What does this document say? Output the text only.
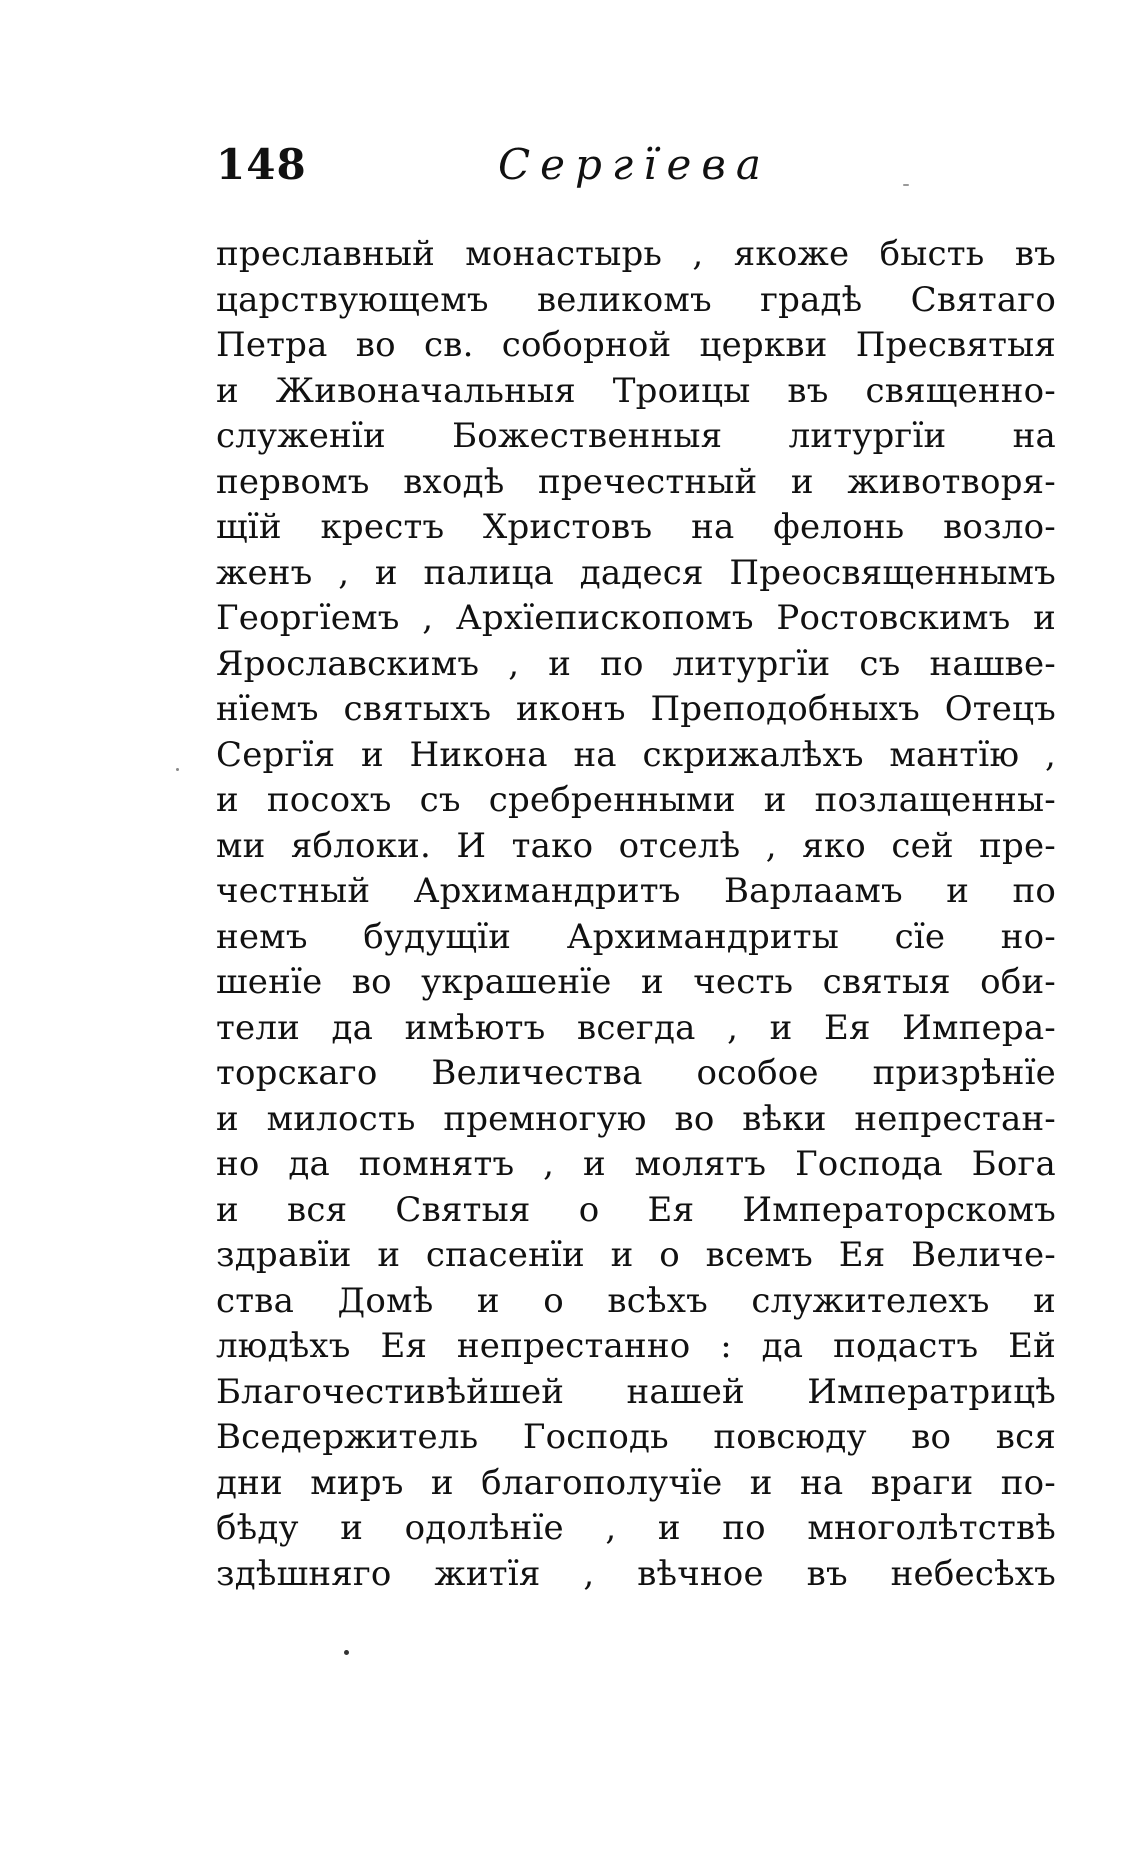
148	Сергїева
преславный монастырь , якоже бысть въ
царствующемъ великомъ градѣ Святаго
Петра во св. соборной церкви Пресвятыя
и Живоначальныя Троицы въ священно-
служенїи Божественныя литургїи на
первомъ входѣ пречестный и животворя-
щїй крестъ Христовъ на фелонь возло-
женъ , и палица дадеся Преосвященнымъ
Георгїемъ , Архїепископомъ Ростовскимъ и
Ярославскимъ , и по литургїи съ нашве-
нїемъ святыхъ иконъ Преподобныхъ Отецъ
Сергїя и Никона на скрижалѣхъ мантїю ,
и посохъ съ сребренными и позлащенны-
ми яблоки. И тако отселѣ , яко сей пре-
честный Архимандритъ Варлаамъ и по
немъ будущїи Архимандриты сїе но-
шенїе во украшенїе и честь святыя оби-
тели да имѣютъ всегда , и Ея Импера-
торскаго Величества особое призрѣнїе
и милость премногую во вѣки непрестан-
но да помнятъ , и молятъ Господа Бога
и вся Святыя о Ея Императорскомъ
здравїи и спасенїи и о всемъ Ея Величе-
ства Домѣ и о всѣхъ служителехъ и
людѣхъ Ея непрестанно : да подастъ Ей
Благочестивѣйшей нашей Императрицѣ
Вседержитель Господь повсюду во вся
дни миръ и благополучїе и на враги по-
бѣду и одолѣнїе , и по многолѣтствѣ
здѣшняго житїя , вѣчное въ небесѣхъ
